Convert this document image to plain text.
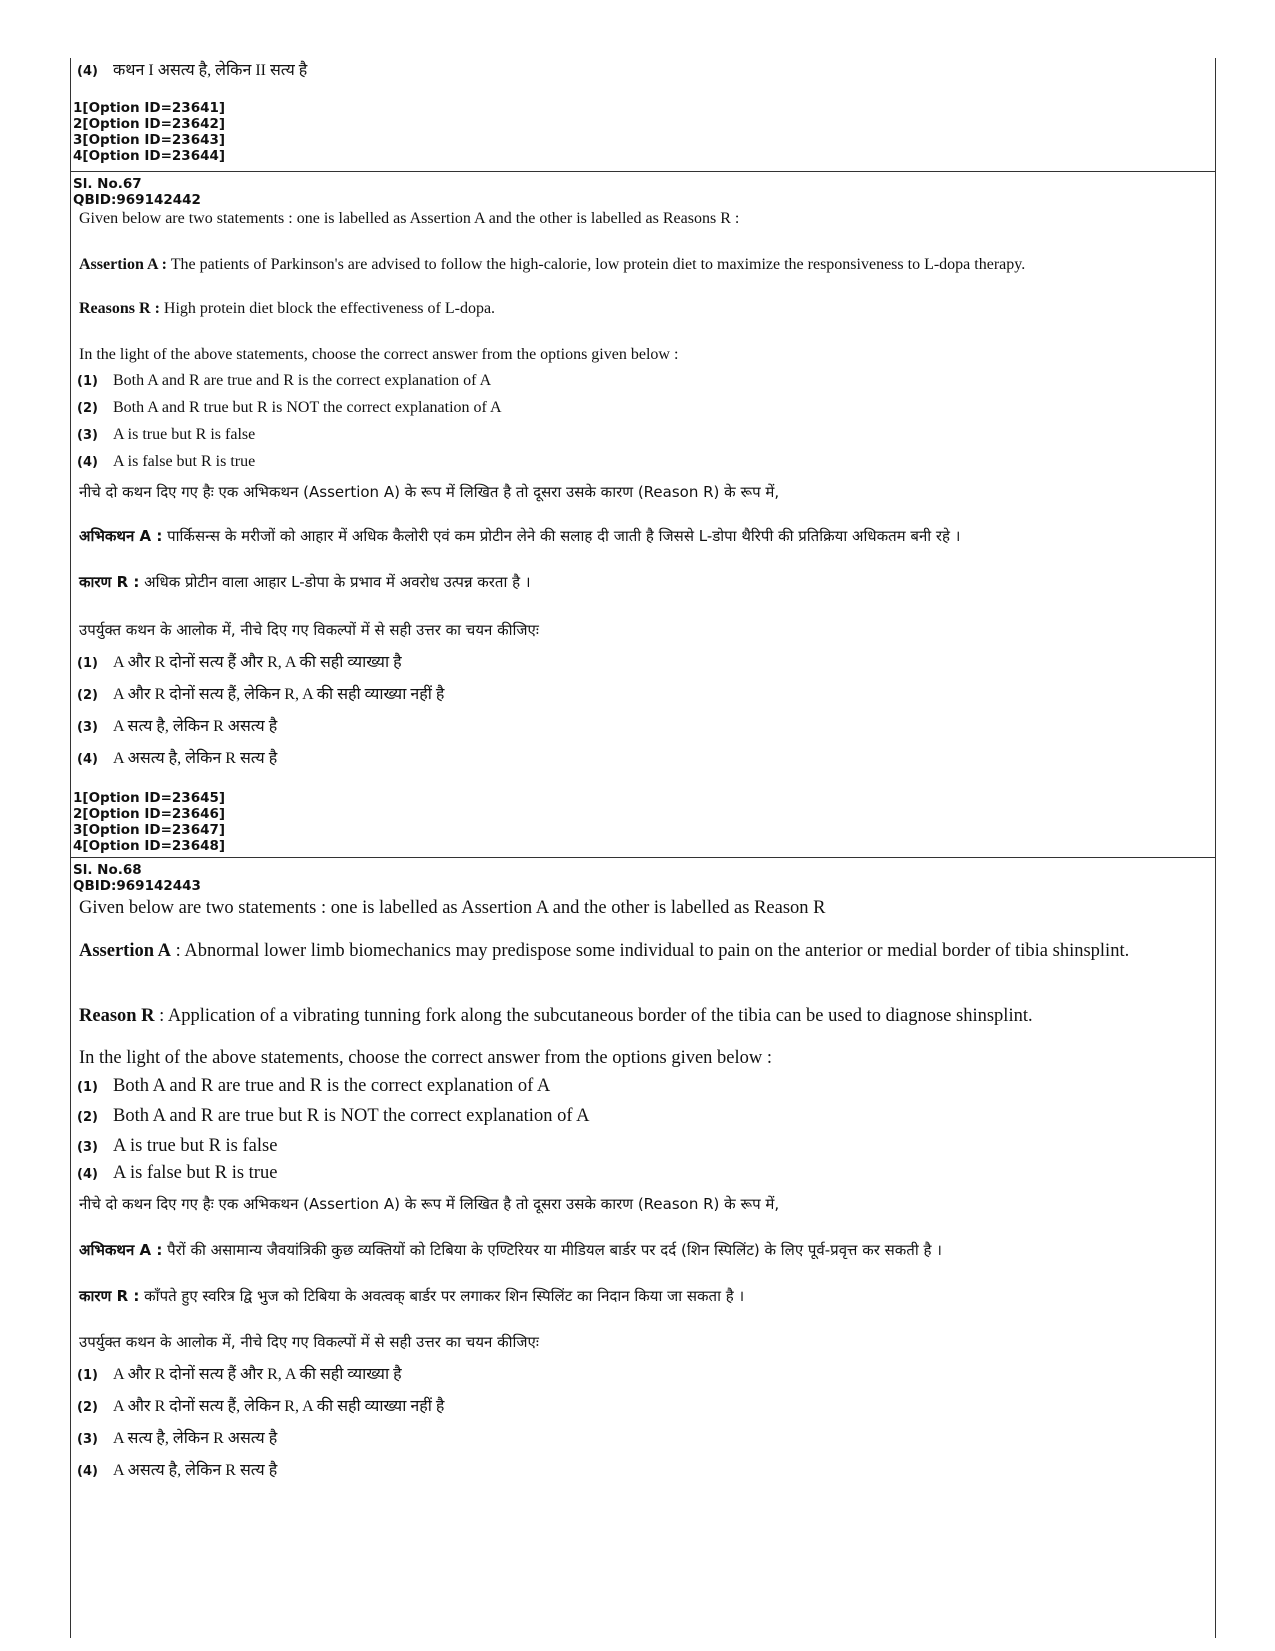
(4) कथन I असत्य है, लेकिन II सत्य है
1[Option ID=23641]
2[Option ID=23642]
3[Option ID=23643]
4[Option ID=23644]
Sl. No.67
QBID:969142442
Given below are two statements : one is labelled as Assertion A and the other is labelled as Reasons R :
Assertion A : The patients of Parkinson's are advised to follow the high-calorie, low protein diet to maximize the responsiveness to L-dopa therapy.
Reasons R : High protein diet block the effectiveness of L-dopa.
In the light of the above statements, choose the correct answer from the options given below :
(1) Both A and R are true and R is the correct explanation of A
(2) Both A and R true but R is NOT the correct explanation of A
(3) A is true but R is false
(4) A is false but R is true
नीचे दो कथन दिए गए हैः एक अभिकथन (Assertion A) के रूप में लिखित है तो दूसरा उसके कारण (Reason R) के रूप में,
अभिकथन A : पार्किसन्स के मरीजों को आहार में अधिक कैलोरी एवं कम प्रोटीन लेने की सलाह दी जाती है जिससे L-डोपा थैरिपी की प्रतिक्रिया अधिकतम बनी रहे ।
कारण R : अधिक प्रोटीन वाला आहार L-डोपा के प्रभाव में अवरोध उत्पन्न करता है ।
उपर्युक्त कथन के आलोक में, नीचे दिए गए विकल्पों में से सही उत्तर का चयन कीजिएः
(1) A और R दोनों सत्य हैं और R, A की सही व्याख्या है
(2) A और R दोनों सत्य हैं, लेकिन R, A की सही व्याख्या नहीं है
(3) A सत्य है, लेकिन R असत्य है
(4) A असत्य है, लेकिन R सत्य है
1[Option ID=23645]
2[Option ID=23646]
3[Option ID=23647]
4[Option ID=23648]
Sl. No.68
QBID:969142443
Given below are two statements : one is labelled as Assertion A and the other is labelled as Reason R
Assertion A : Abnormal lower limb biomechanics may predispose some individual to pain on the anterior or medial border of tibia shinsplint.
Reason R : Application of a vibrating tunning fork along the subcutaneous border of the tibia can be used to diagnose shinsplint.
In the light of the above statements, choose the correct answer from the options given below :
(1) Both A and R are true and R is the correct explanation of A
(2) Both A and R are true but R is NOT the correct explanation of A
(3) A is true but R is false
(4) A is false but R is true
नीचे दो कथन दिए गए हैः एक अभिकथन (Assertion A) के रूप में लिखित है तो दूसरा उसके कारण (Reason R) के रूप में,
अभिकथन A : पैरों की असामान्य जैवयांत्रिकी कुछ व्यक्तियों को टिबिया के एण्टिरियर या मीडियल बार्डर पर दर्द (शिन स्पिलिंट) के लिए पूर्व-प्रवृत्त कर सकती है ।
कारण R : काँपते हुए स्वरित्र द्वि भुज को टिबिया के अवत्वक् बार्डर पर लगाकर शिन स्पिलिंट का निदान किया जा सकता है ।
उपर्युक्त कथन के आलोक में, नीचे दिए गए विकल्पों में से सही उत्तर का चयन कीजिएः
(1) A और R दोनों सत्य हैं और R, A की सही व्याख्या है
(2) A और R दोनों सत्य हैं, लेकिन R, A की सही व्याख्या नहीं है
(3) A सत्य है, लेकिन R असत्य है
(4) A असत्य है, लेकिन R सत्य है
